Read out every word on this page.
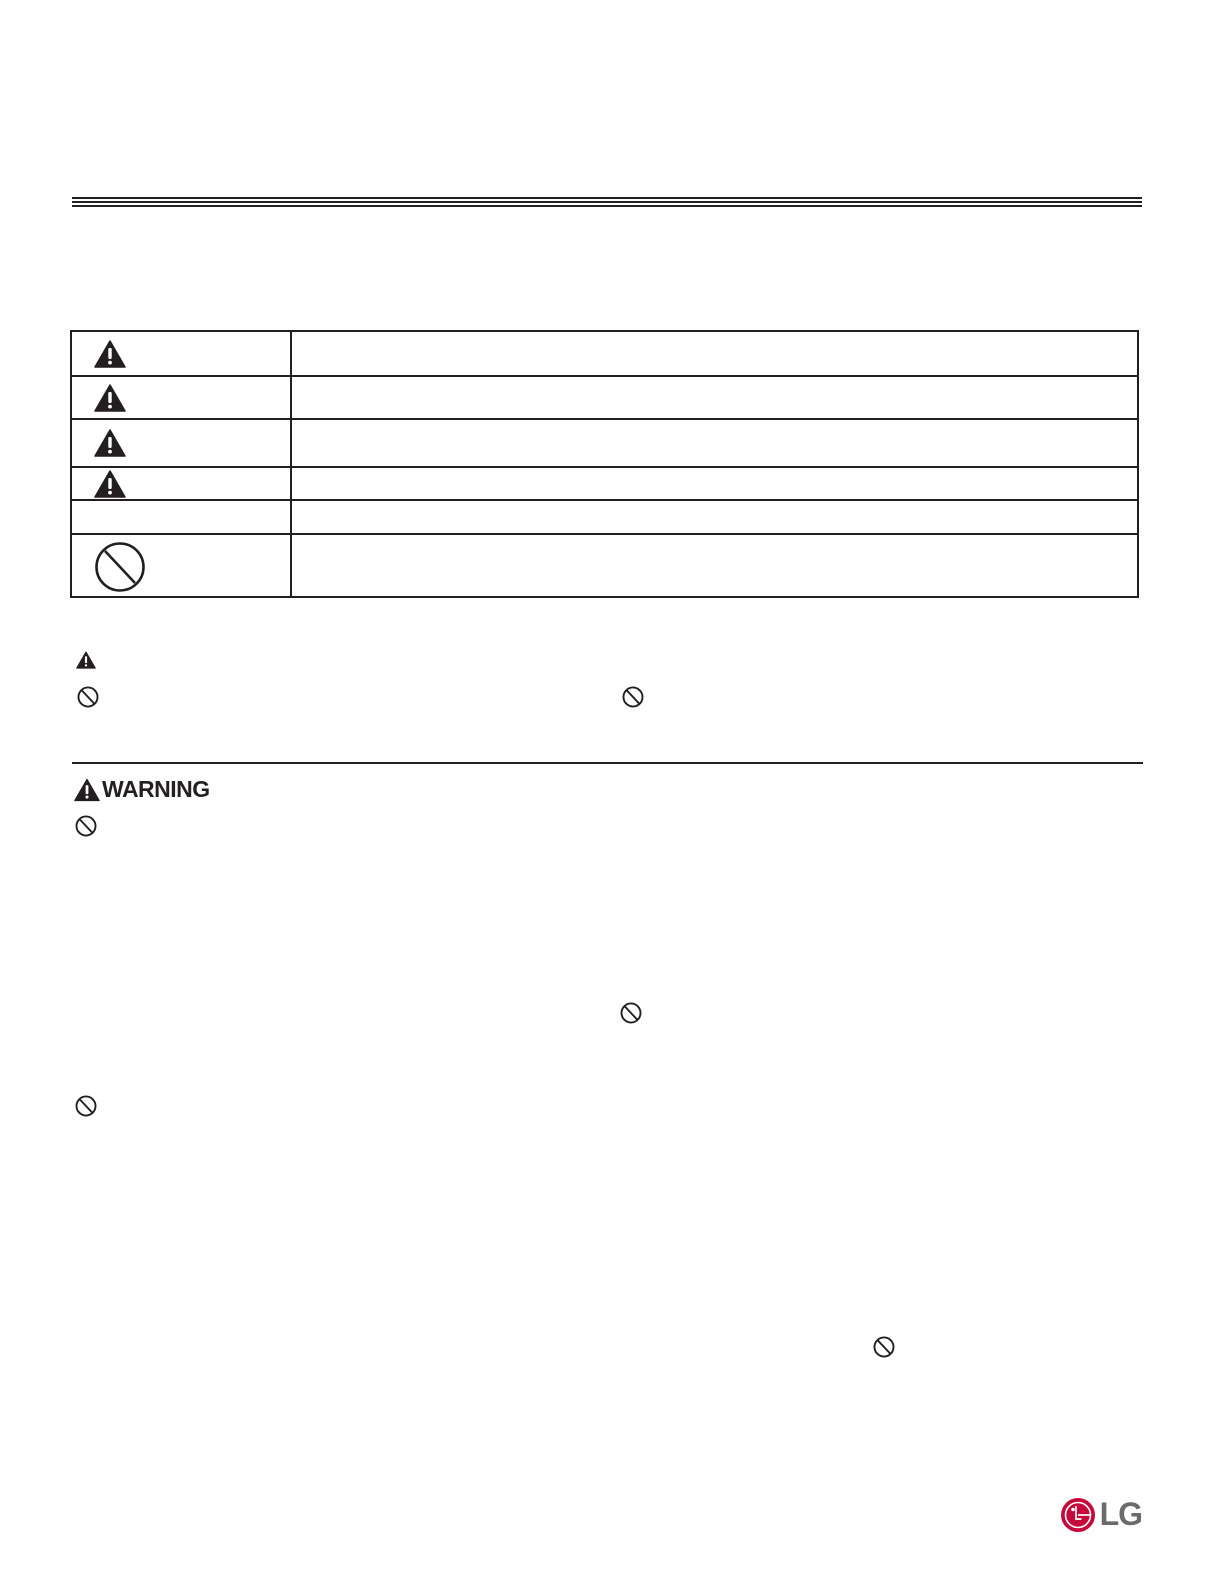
WARNING
LG
